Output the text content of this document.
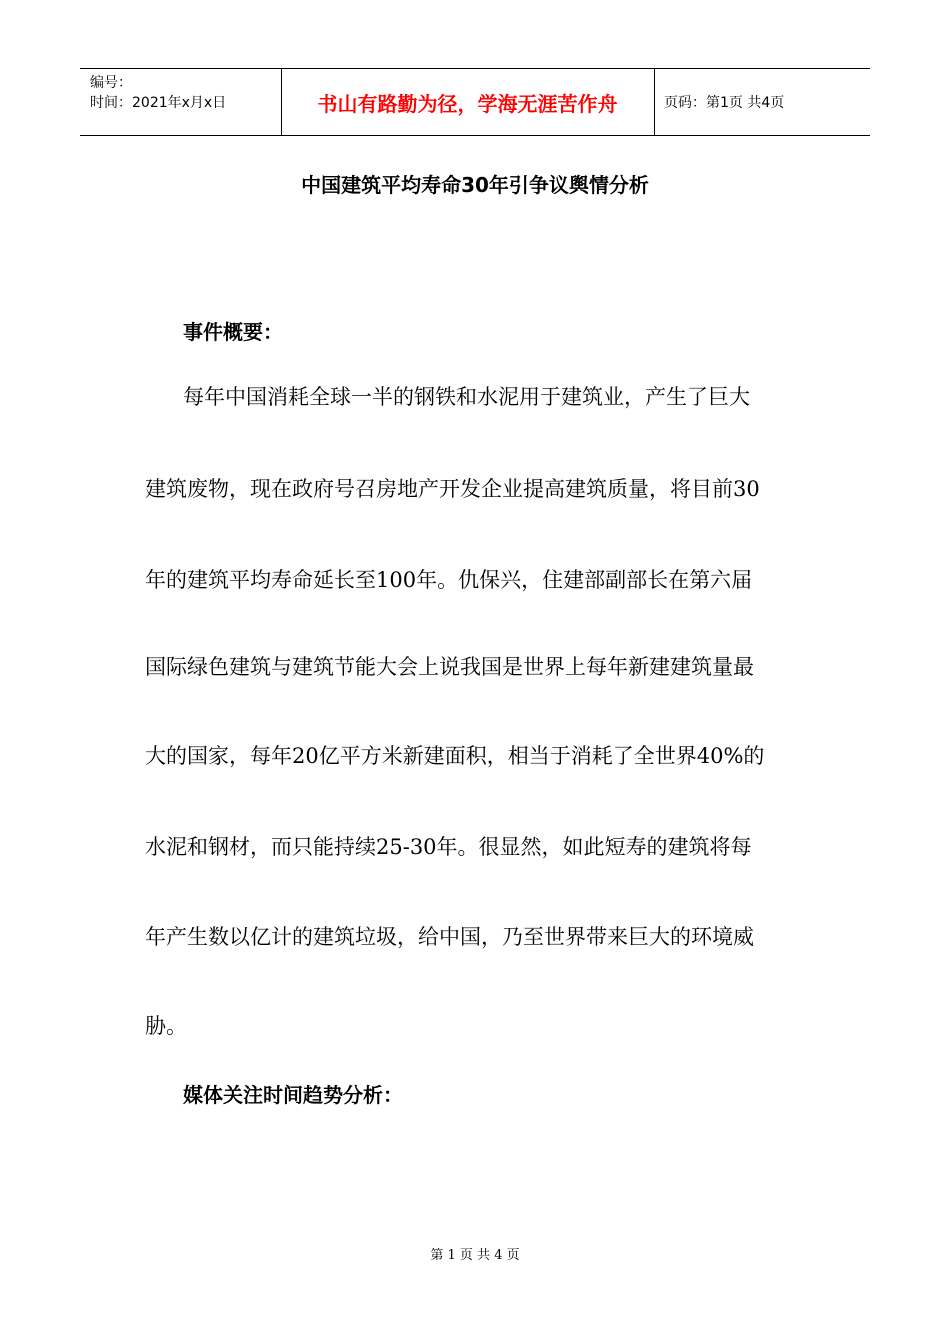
编号：
时间：2021年x月x日	书山有路勤为径，学海无涯苦作舟	页码：第1页 共4页
中国建筑平均寿命30年引争议舆情分析
事件概要：
每年中国消耗全球一半的钢铁和水泥用于建筑业，产生了巨大
建筑废物，现在政府号召房地产开发企业提高建筑质量，将目前30
年的建筑平均寿命延长至100年。仇保兴，住建部副部长在第六届
国际绿色建筑与建筑节能大会上说我国是世界上每年新建建筑量最
大的国家，每年20亿平方米新建面积，相当于消耗了全世界40%的
水泥和钢材，而只能持续25-30年。很显然，如此短寿的建筑将每
年产生数以亿计的建筑垃圾，给中国，乃至世界带来巨大的环境威
胁。
媒体关注时间趋势分析：
第 1 页 共 4 页
